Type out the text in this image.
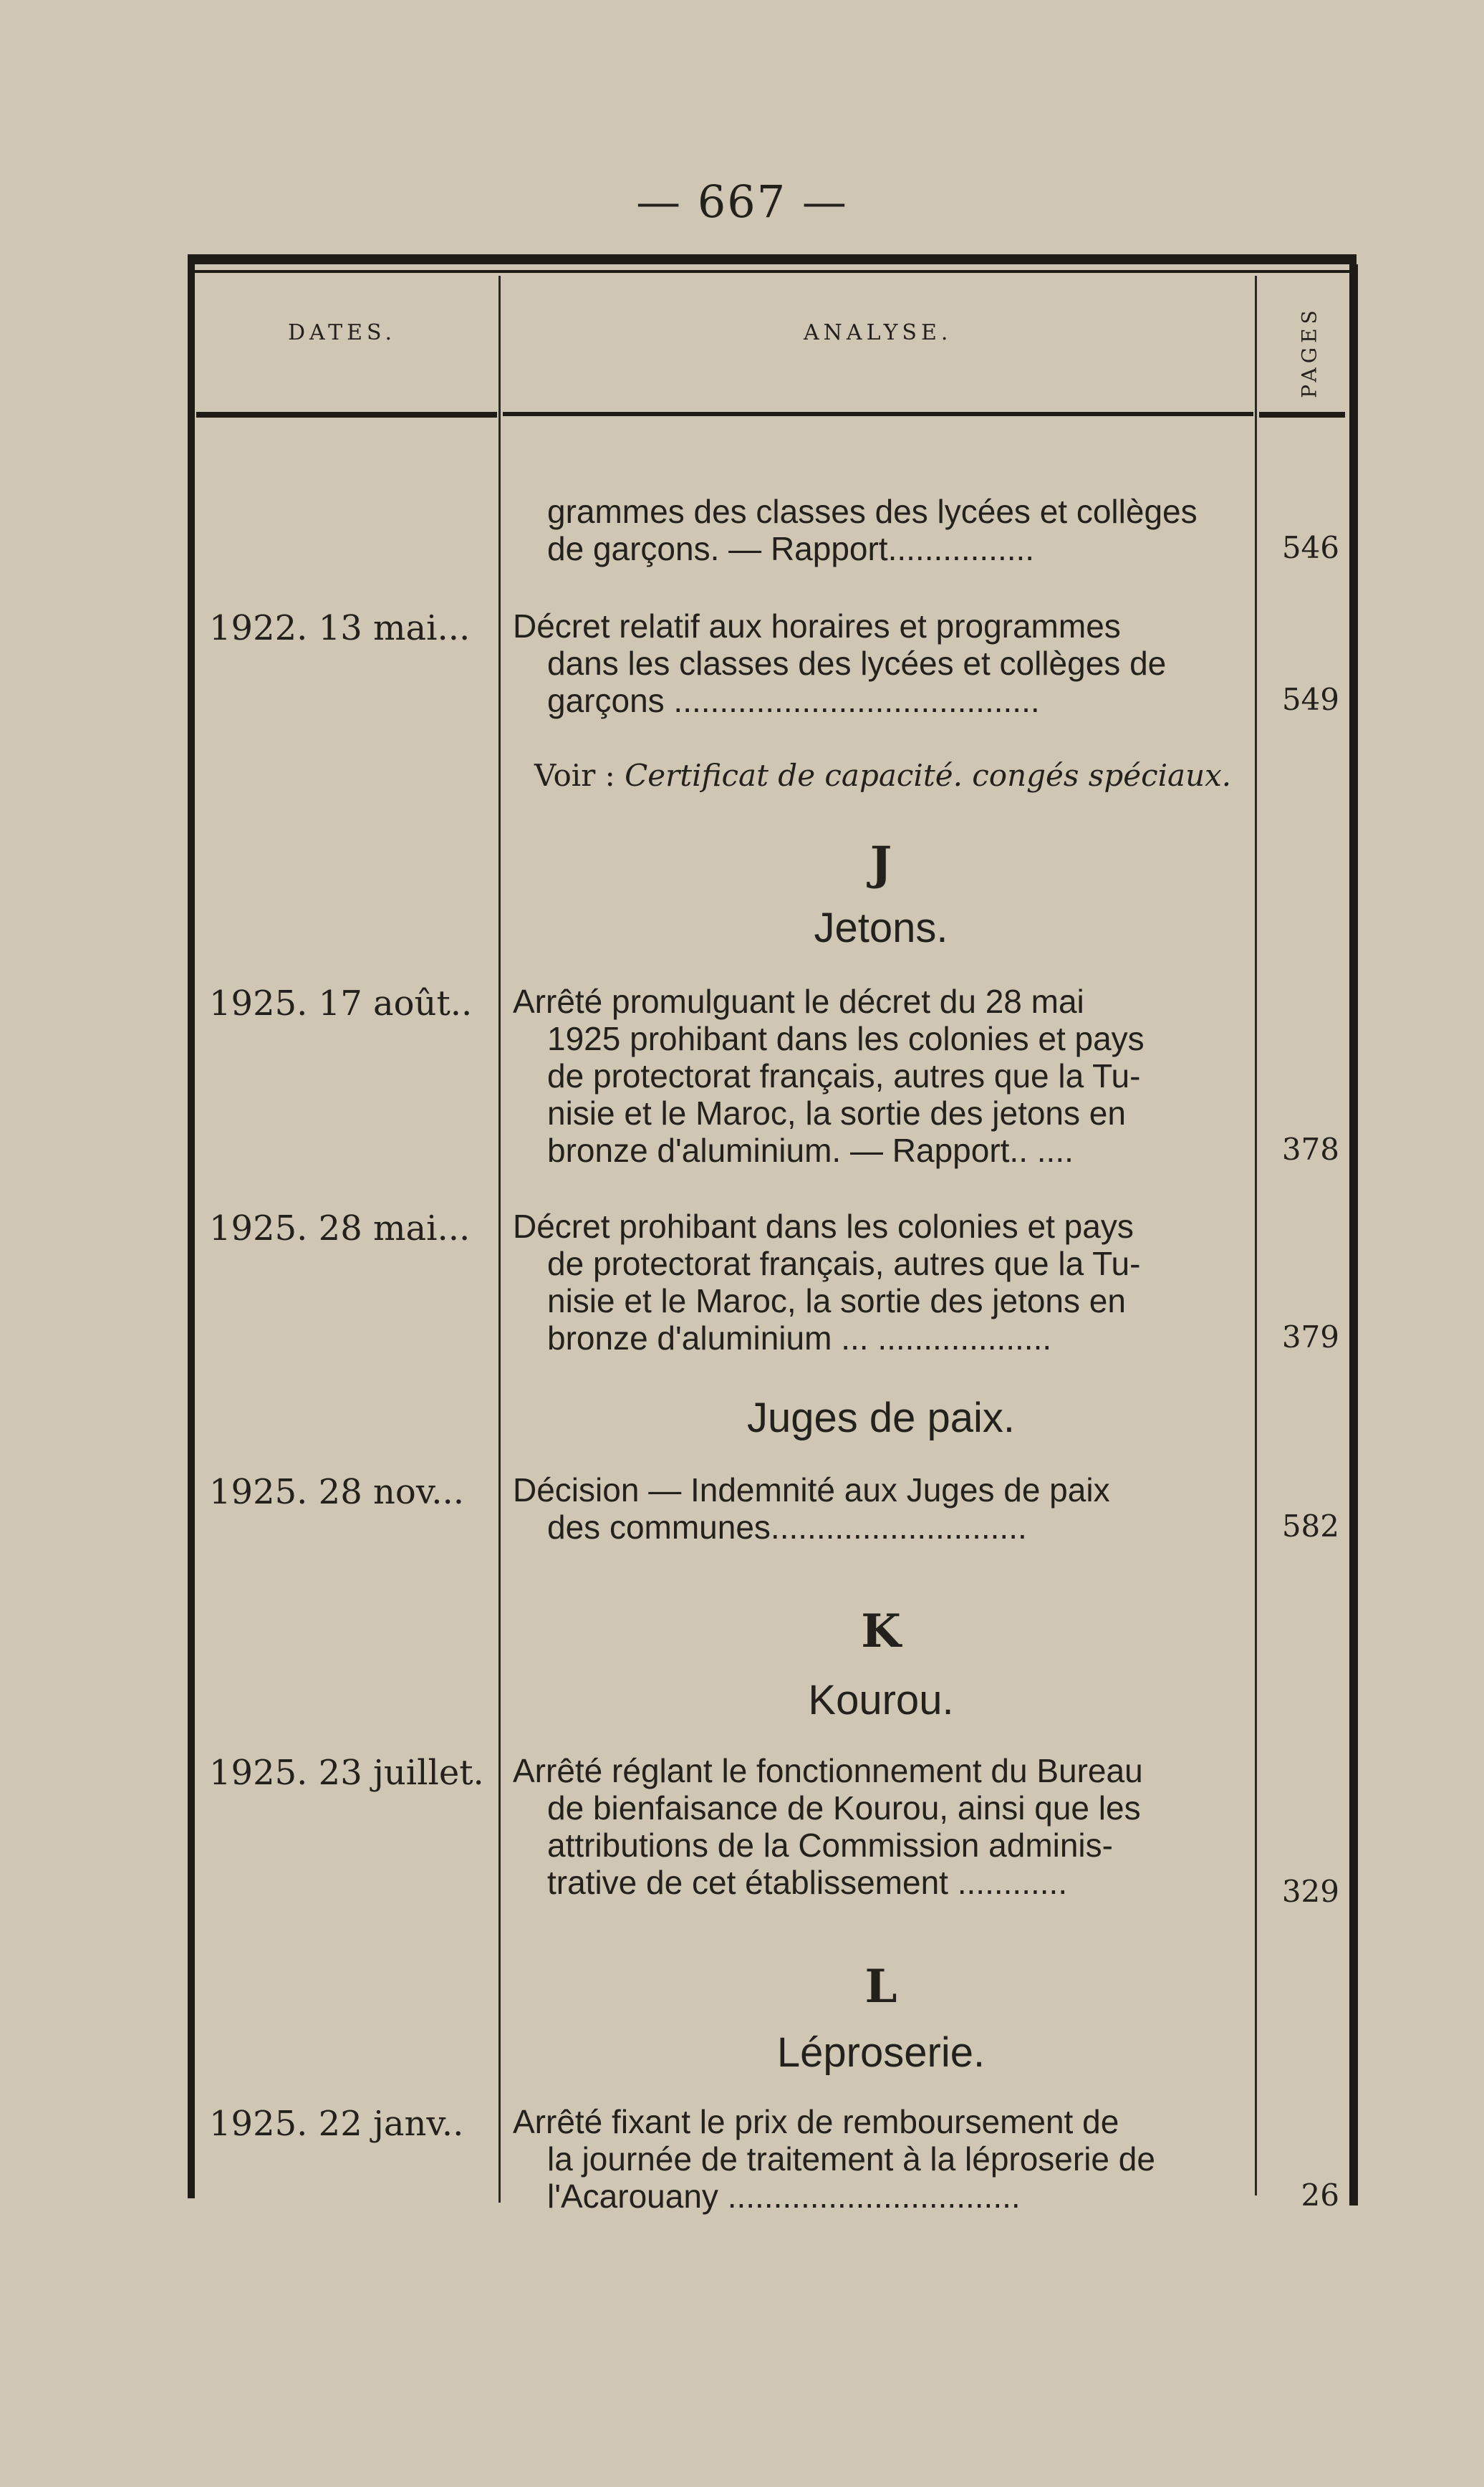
— 667 —
DATES.	ANALYSE.	PAGES
grammes des classes des lycées et collèges
de garçons. — Rapport................	546
1922. 13 mai...	Décret relatif aux horaires et programmes
dans les classes des lycées et collèges de
garçons ........................................	549
Voir : Certificat de capacité. congés spéciaux.
J
Jetons.
1925. 17 août..	Arrêté promulguant le décret du 28 mai
1925 prohibant dans les colonies et pays
de protectorat français, autres que la Tu-
nisie et le Maroc, la sortie des jetons en
bronze d'aluminium. — Rapport.. ....	378
1925. 28 mai...	Décret prohibant dans les colonies et pays
de protectorat français, autres que la Tu-
nisie et le Maroc, la sortie des jetons en
bronze d'aluminium ... ...................	379
Juges de paix.
1925. 28 nov...	Décision — Indemnité aux Juges de paix
des communes............................	582
K
Kourou.
1925. 23 juillet. Arrêté réglant le fonctionnement du Bureau
de bienfaisance de Kourou, ainsi que les
attributions de la Commission adminis-
trative de cet établissement ............	329
L
Léproserie.
1925. 22 janv..	Arrêté fixant le prix de remboursement de
la journée de traitement à la léproserie de
l'Acarouany ................................	26
